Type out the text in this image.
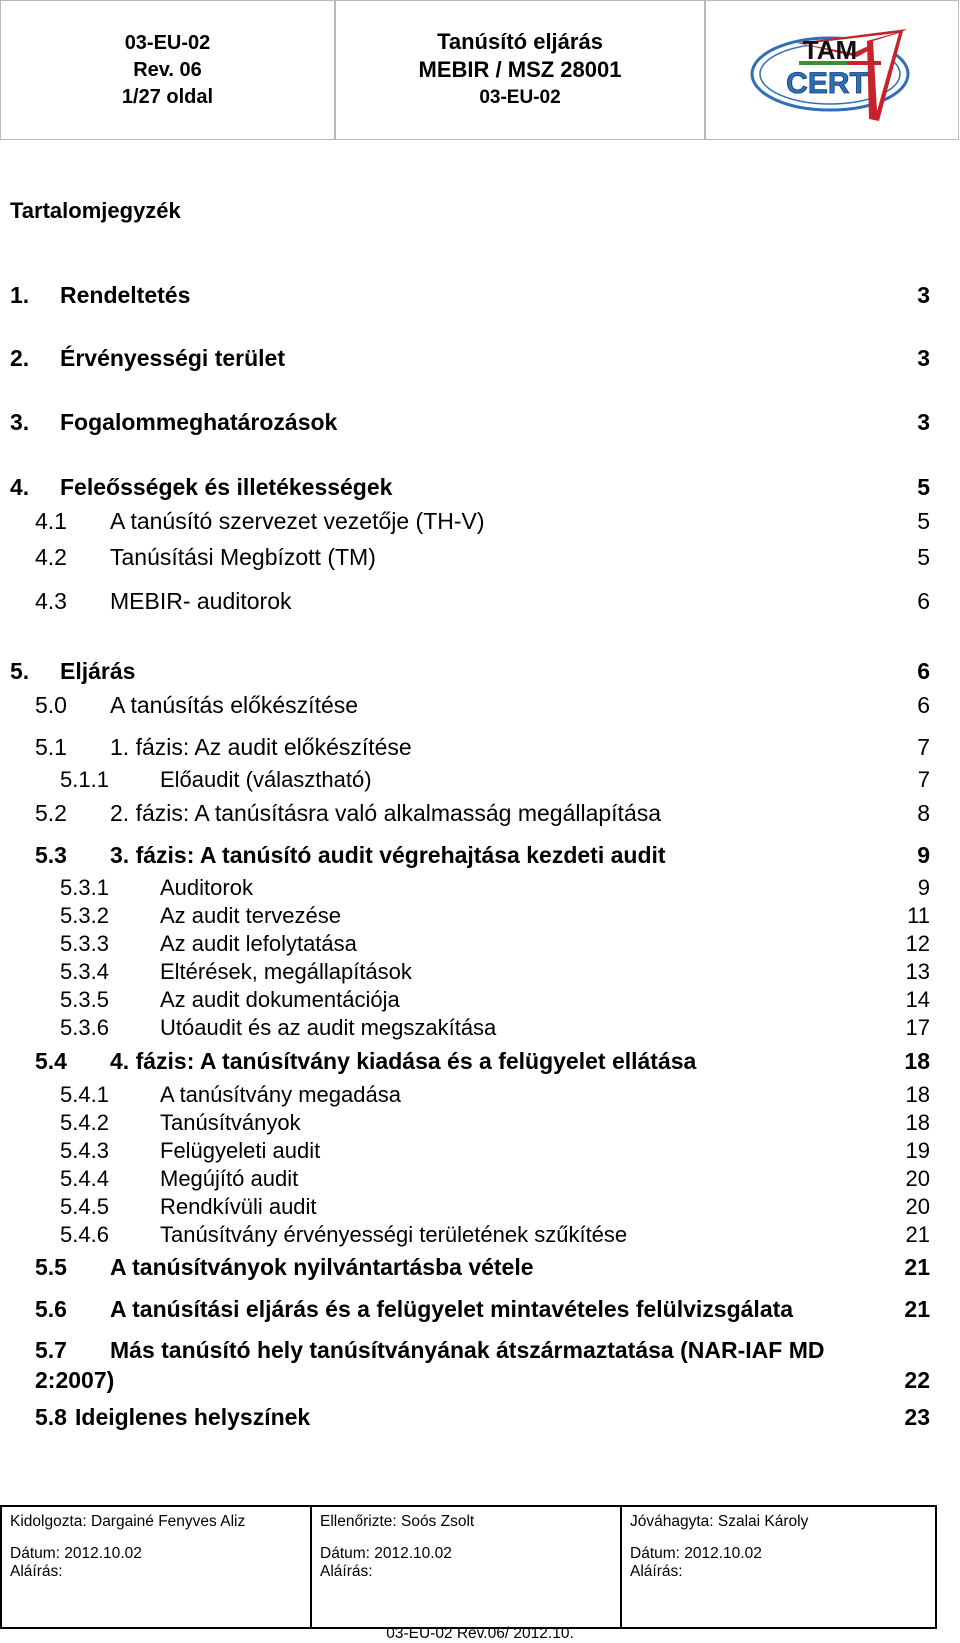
03-EU-02
Rev. 06
1/27 oldal
Tanúsító eljárás
MEBIR / MSZ 28001
03-EU-02
TAM
CERT
Tartalomjegyzék
1. Rendeltetés	3
2. Érvényességi terület	3
3. Fogalommeghatározások	3
4. Feleősségek és illetékességek	5
4.1 A tanúsító szervezet vezetője (TH-V)	5
4.2 Tanúsítási Megbízott (TM)	5
4.3 MEBIR- auditorok	6
5. Eljárás	6
5.0 A tanúsítás előkészítése	6
5.1 1. fázis: Az audit előkészítése	7
5.1.1 Előaudit (választható)	7
5.2 2. fázis: A tanúsításra való alkalmasság megállapítása	8
5.3 3. fázis: A tanúsító audit végrehajtása kezdeti audit	9
5.3.1 Auditorok	9
5.3.2 Az audit tervezése	11
5.3.3 Az audit lefolytatása	12
5.3.4 Eltérések, megállapítások	13
5.3.5 Az audit dokumentációja	14
5.3.6 Utóaudit és az audit megszakítása	17
5.4 4. fázis: A tanúsítvány kiadása és a felügyelet ellátása	18
5.4.1 A tanúsítvány megadása	18
5.4.2 Tanúsítványok	18
5.4.3 Felügyeleti audit	19
5.4.4 Megújító audit	20
5.4.5 Rendkívüli audit	20
5.4.6 Tanúsítvány érvényességi területének szűkítése	21
5.5 A tanúsítványok nyilvántartásba vétele	21
5.6 A tanúsítási eljárás és a felügyelet mintavételes felülvizsgálata	21
5.7 Más tanúsító hely tanúsítványának átszármaztatása (NAR-IAF MD
2:2007)	22
5.8 Ideiglenes helyszínek	23
Kidolgozta: Dargainé Fenyves Aliz
Dátum: 2012.10.02
Aláírás:
Ellenőrizte: Soós Zsolt
Dátum: 2012.10.02
Aláírás:
Jóváhagyta: Szalai Károly
Dátum: 2012.10.02
Aláírás:
03-EU-02 Rev.06/ 2012.10.
